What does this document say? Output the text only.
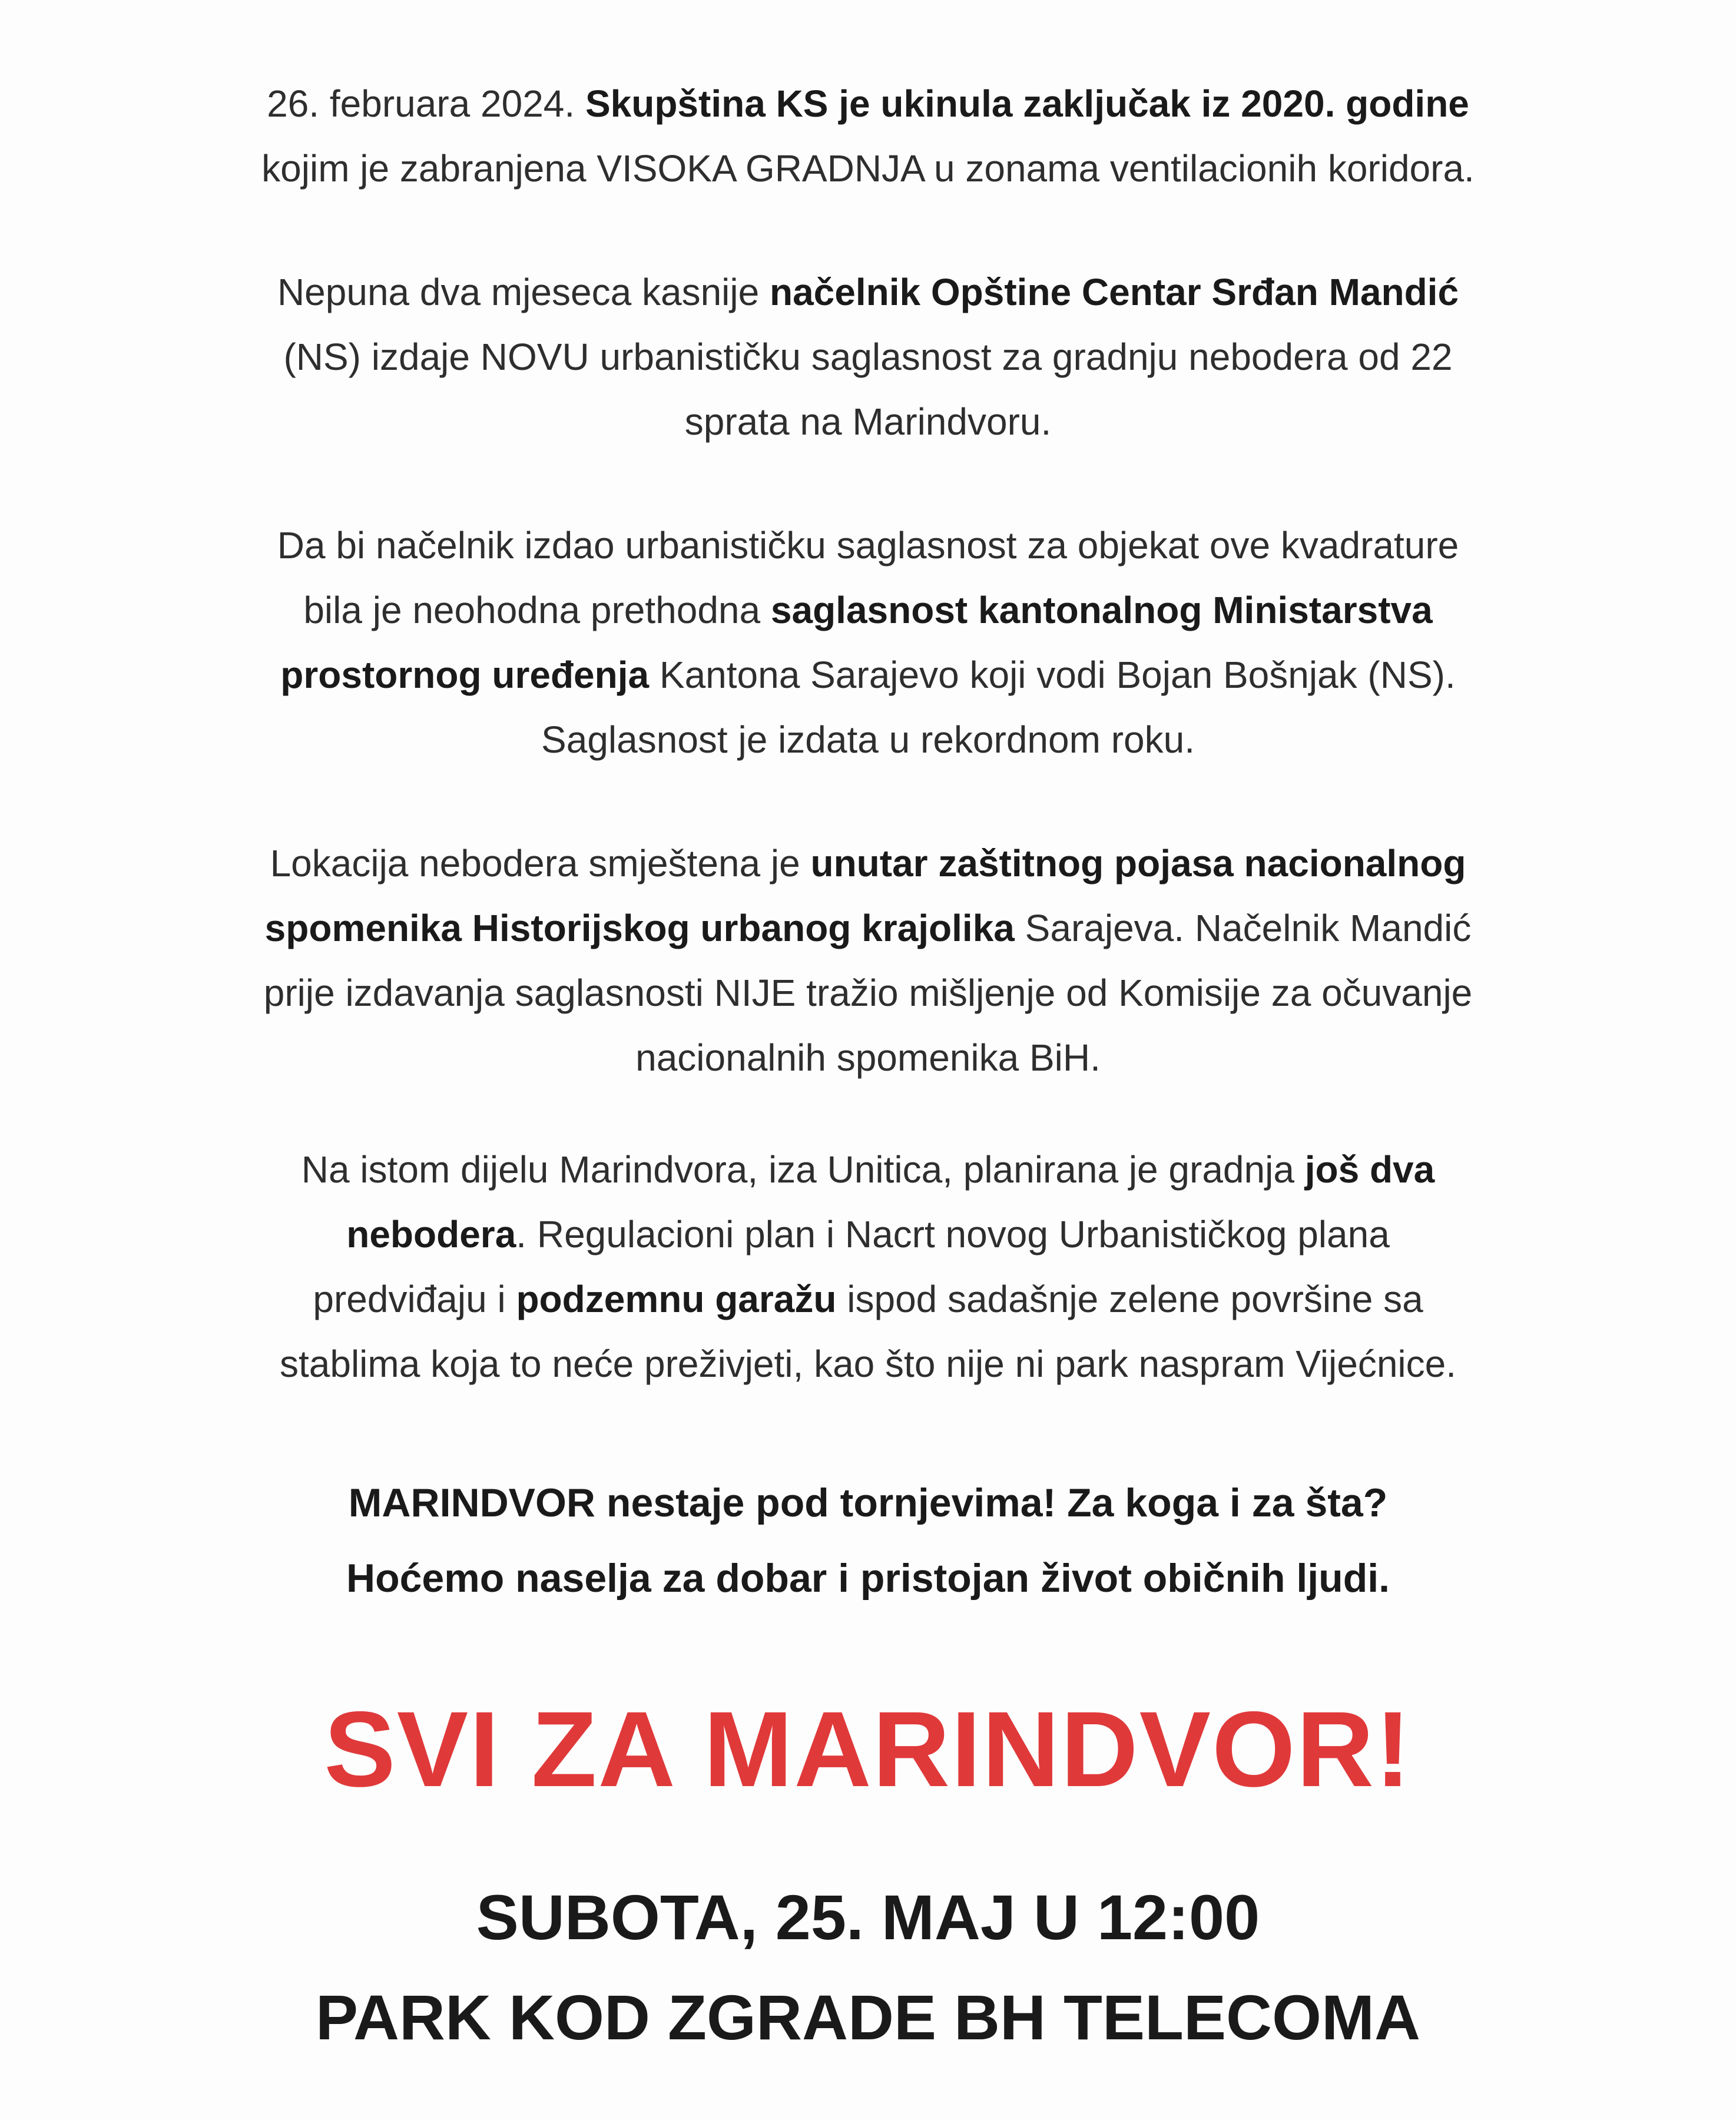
26. februara 2024. Skupština KS je ukinula zaključak iz 2020. godine
kojim je zabranjena VISOKA GRADNJA u zonama ventilacionih koridora.
Nepuna dva mjeseca kasnije načelnik Opštine Centar Srđan Mandić
(NS) izdaje NOVU urbanističku saglasnost za gradnju nebodera od 22
sprata na Marindvoru.
Da bi načelnik izdao urbanističku saglasnost za objekat ove kvadrature
bila je neohodna prethodna saglasnost kantonalnog Ministarstva
prostornog uređenja Kantona Sarajevo koji vodi Bojan Bošnjak (NS).
Saglasnost je izdata u rekordnom roku.
Lokacija nebodera smještena je unutar zaštitnog pojasa nacionalnog
spomenika Historijskog urbanog krajolika Sarajeva. Načelnik Mandić
prije izdavanja saglasnosti NIJE tražio mišljenje od Komisije za očuvanje
nacionalnih spomenika BiH.
Na istom dijelu Marindvora, iza Unitica, planirana je gradnja još dva
nebodera. Regulacioni plan i Nacrt novog Urbanističkog plana
predviđaju i podzemnu garažu ispod sadašnje zelene površine sa
stablima koja to neće preživjeti, kao što nije ni park naspram Vijećnice.
MARINDVOR nestaje pod tornjevima! Za koga i za šta?
Hoćemo naselja za dobar i pristojan život običnih ljudi.
SVI ZA MARINDVOR!
SUBOTA, 25. MAJ U 12:00
PARK KOD ZGRADE BH TELECOMA
